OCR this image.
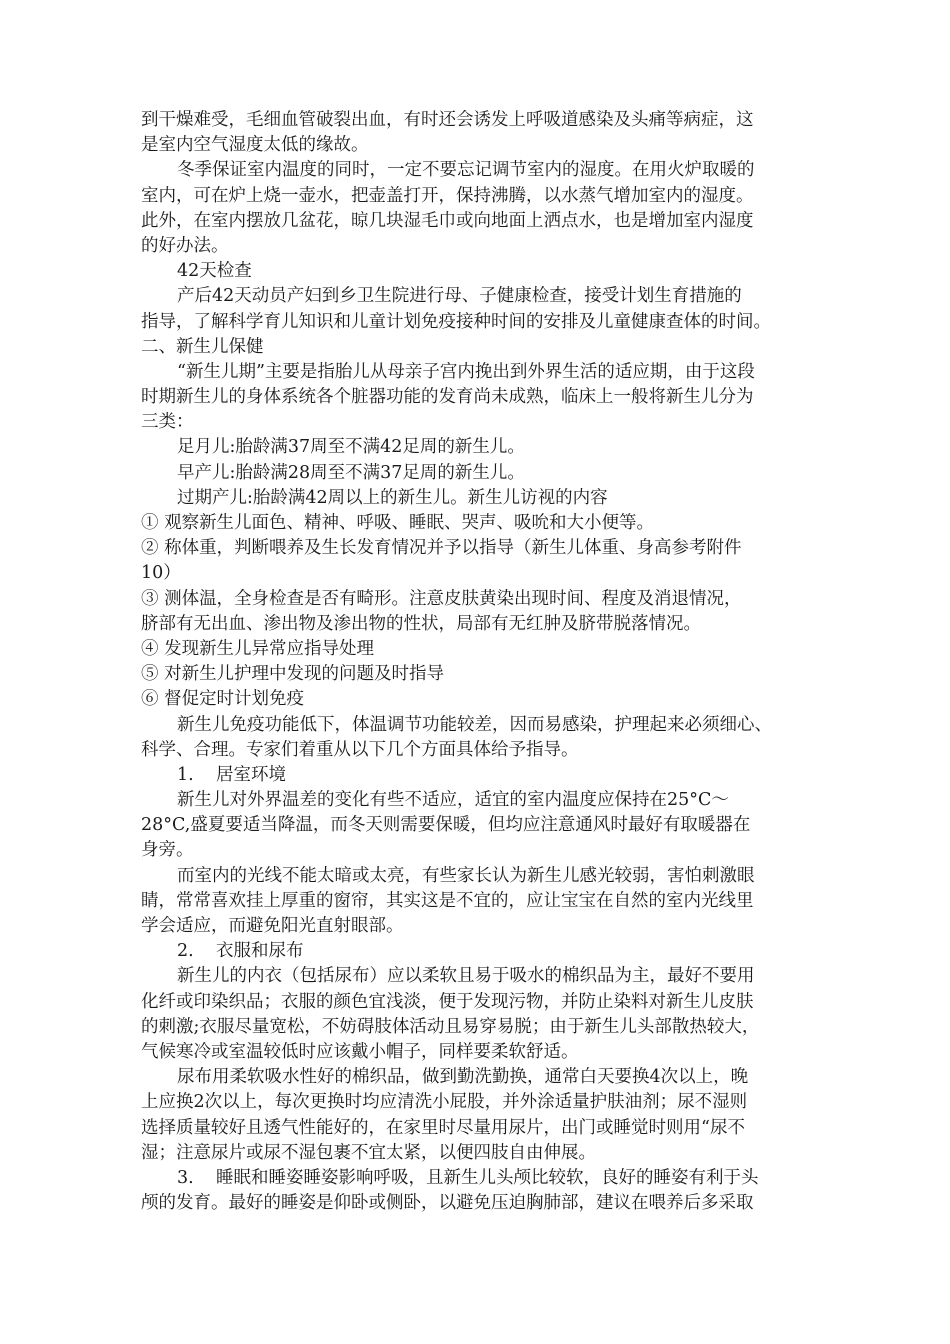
到干燥难受，毛细血管破裂出血，有时还会诱发上呼吸道感染及头痛等病症，这
是室内空气湿度太低的缘故。
冬季保证室内温度的同时，一定不要忘记调节室内的湿度。在用火炉取暖的
室内，可在炉上烧一壶水，把壶盖打开，保持沸腾，以水蒸气增加室内的湿度。
此外，在室内摆放几盆花，晾几块湿毛巾或向地面上洒点水，也是增加室内湿度
的好办法。
42天检查
产后42天动员产妇到乡卫生院进行母、子健康检查，接受计划生育措施的
指导，了解科学育儿知识和儿童计划免疫接种时间的安排及儿童健康查体的时间。
二、新生儿保健
“新生儿期”主要是指胎儿从母亲子宫内挽出到外界生活的适应期，由于这段
时期新生儿的身体系统各个脏器功能的发育尚未成熟，临床上一般将新生儿分为
三类：
足月儿:胎龄满37周至不满42足周的新生儿。
早产儿:胎龄满28周至不满37足周的新生儿。
过期产儿:胎龄满42周以上的新生儿。新生儿访视的内容
① 观察新生儿面色、精神、呼吸、睡眠、哭声、吸吮和大小便等。
② 称体重，判断喂养及生长发育情况并予以指导（新生儿体重、身高参考附件
10）
③ 测体温，全身检查是否有畸形。注意皮肤黄染出现时间、程度及消退情况，
脐部有无出血、渗出物及渗出物的性状，局部有无红肿及脐带脱落情况。
④ 发现新生儿异常应指导处理
⑤ 对新生儿护理中发现的问题及时指导
⑥ 督促定时计划免疫
新生儿免疫功能低下，体温调节功能较差，因而易感染，护理起来必须细心、
科学、合理。专家们着重从以下几个方面具体给予指导。
1.    居室环境
新生儿对外界温差的变化有些不适应，适宜的室内温度应保持在25°C～
28°C,盛夏要适当降温，而冬天则需要保暖，但均应注意通风时最好有取暖器在
身旁。
而室内的光线不能太暗或太亮，有些家长认为新生儿感光较弱，害怕刺激眼
睛，常常喜欢挂上厚重的窗帘，其实这是不宜的，应让宝宝在自然的室内光线里
学会适应，而避免阳光直射眼部。
2.    衣服和尿布
新生儿的内衣（包括尿布）应以柔软且易于吸水的棉织品为主，最好不要用
化纤或印染织品；衣服的颜色宜浅淡，便于发现污物，并防止染料对新生儿皮肤
的刺激;衣服尽量宽松，不妨碍肢体活动且易穿易脱；由于新生儿头部散热较大，
气候寒冷或室温较低时应该戴小帽子，同样要柔软舒适。
尿布用柔软吸水性好的棉织品，做到勤洗勤换，通常白天要换4次以上，晚
上应换2次以上，每次更换时均应清洗小屁股，并外涂适量护肤油剂；尿不湿则
选择质量较好且透气性能好的，在家里时尽量用尿片，出门或睡觉时则用“尿不
湿；注意尿片或尿不湿包裹不宜太紧，以便四肢自由伸展。
3.    睡眠和睡姿睡姿影响呼吸，且新生儿头颅比较软，良好的睡姿有利于头
颅的发育。最好的睡姿是仰卧或侧卧，以避免压迫胸肺部，建议在喂养后多采取
